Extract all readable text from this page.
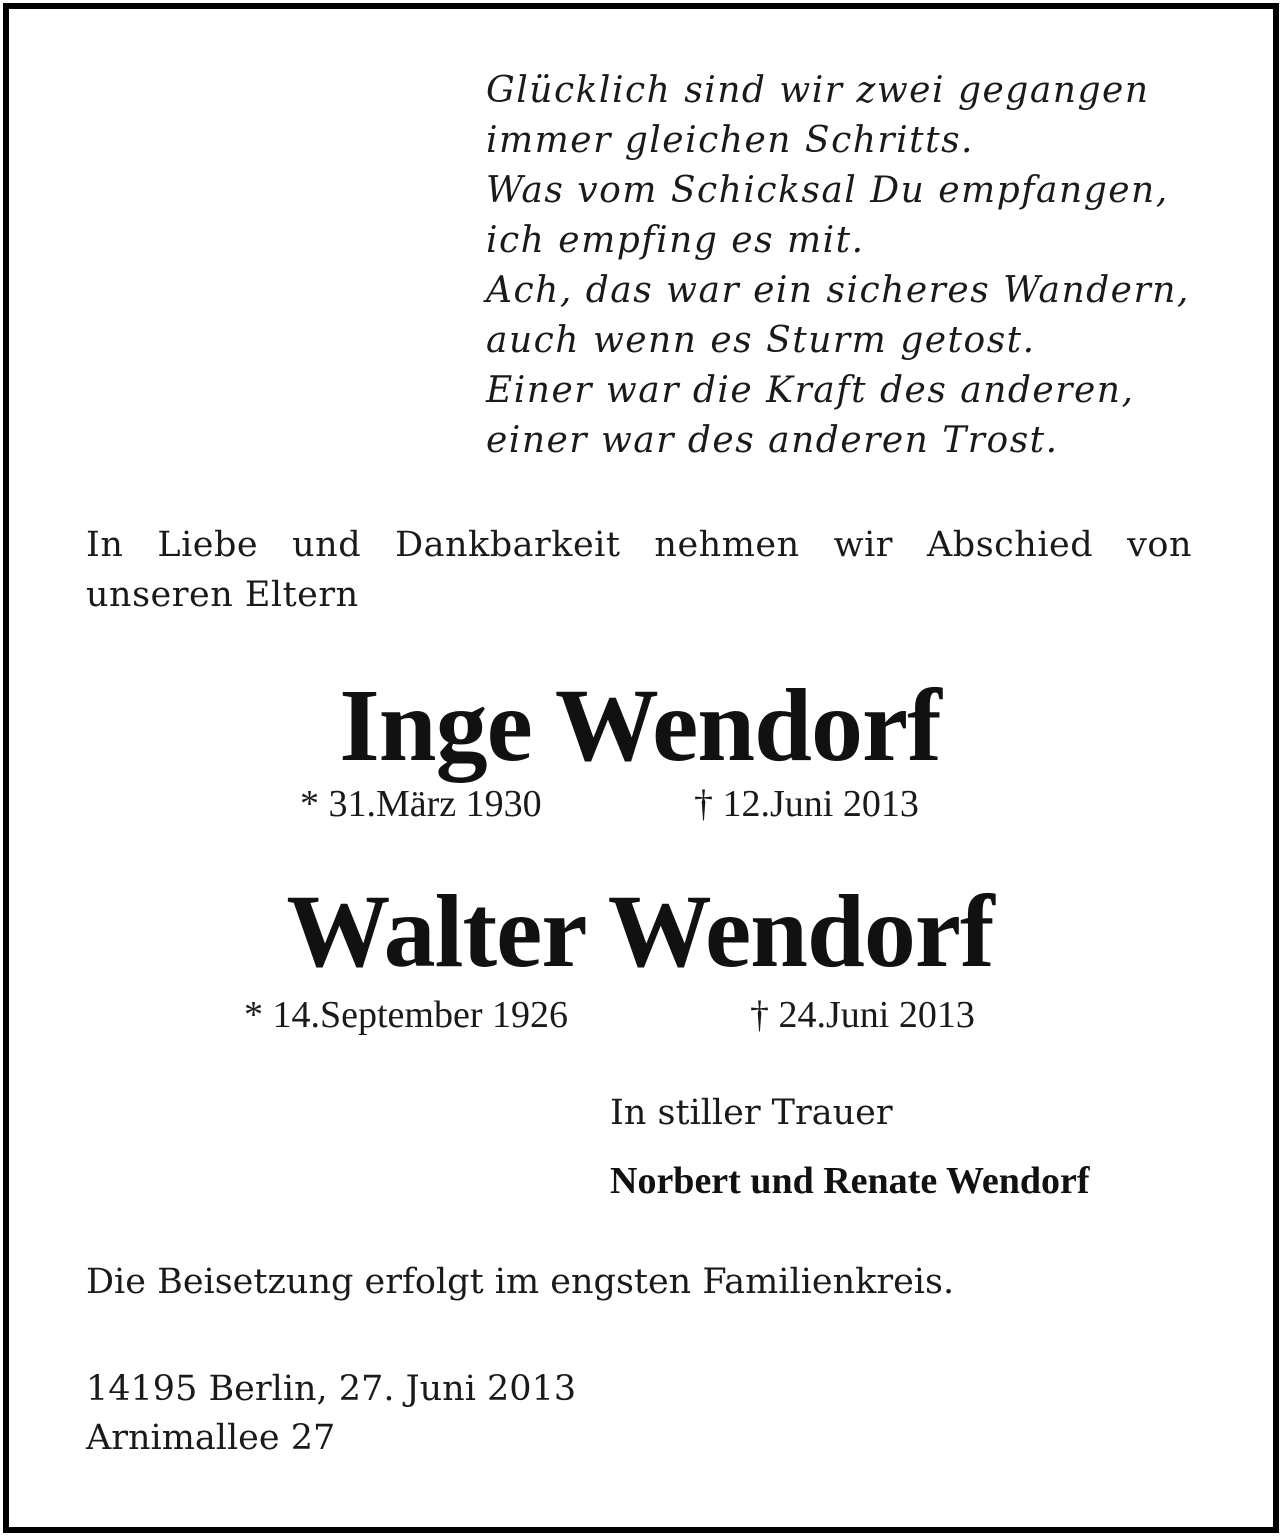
Glücklich sind wir zwei gegangen
immer gleichen Schritts.
Was vom Schicksal Du empfangen,
ich empfing es mit.
Ach, das war ein sicheres Wandern,
auch wenn es Sturm getost.
Einer war die Kraft des anderen,
einer war des anderen Trost.
In Liebe und Dankbarkeit nehmen wir Abschied von unseren Eltern
Inge Wendorf
* 31.März 1930	† 12.Juni 2013
Walter Wendorf
* 14.September 1926	† 24.Juni 2013
In stiller Trauer
Norbert und Renate Wendorf
Die Beisetzung erfolgt im engsten Familienkreis.
14195 Berlin, 27. Juni 2013
Arnimallee 27
